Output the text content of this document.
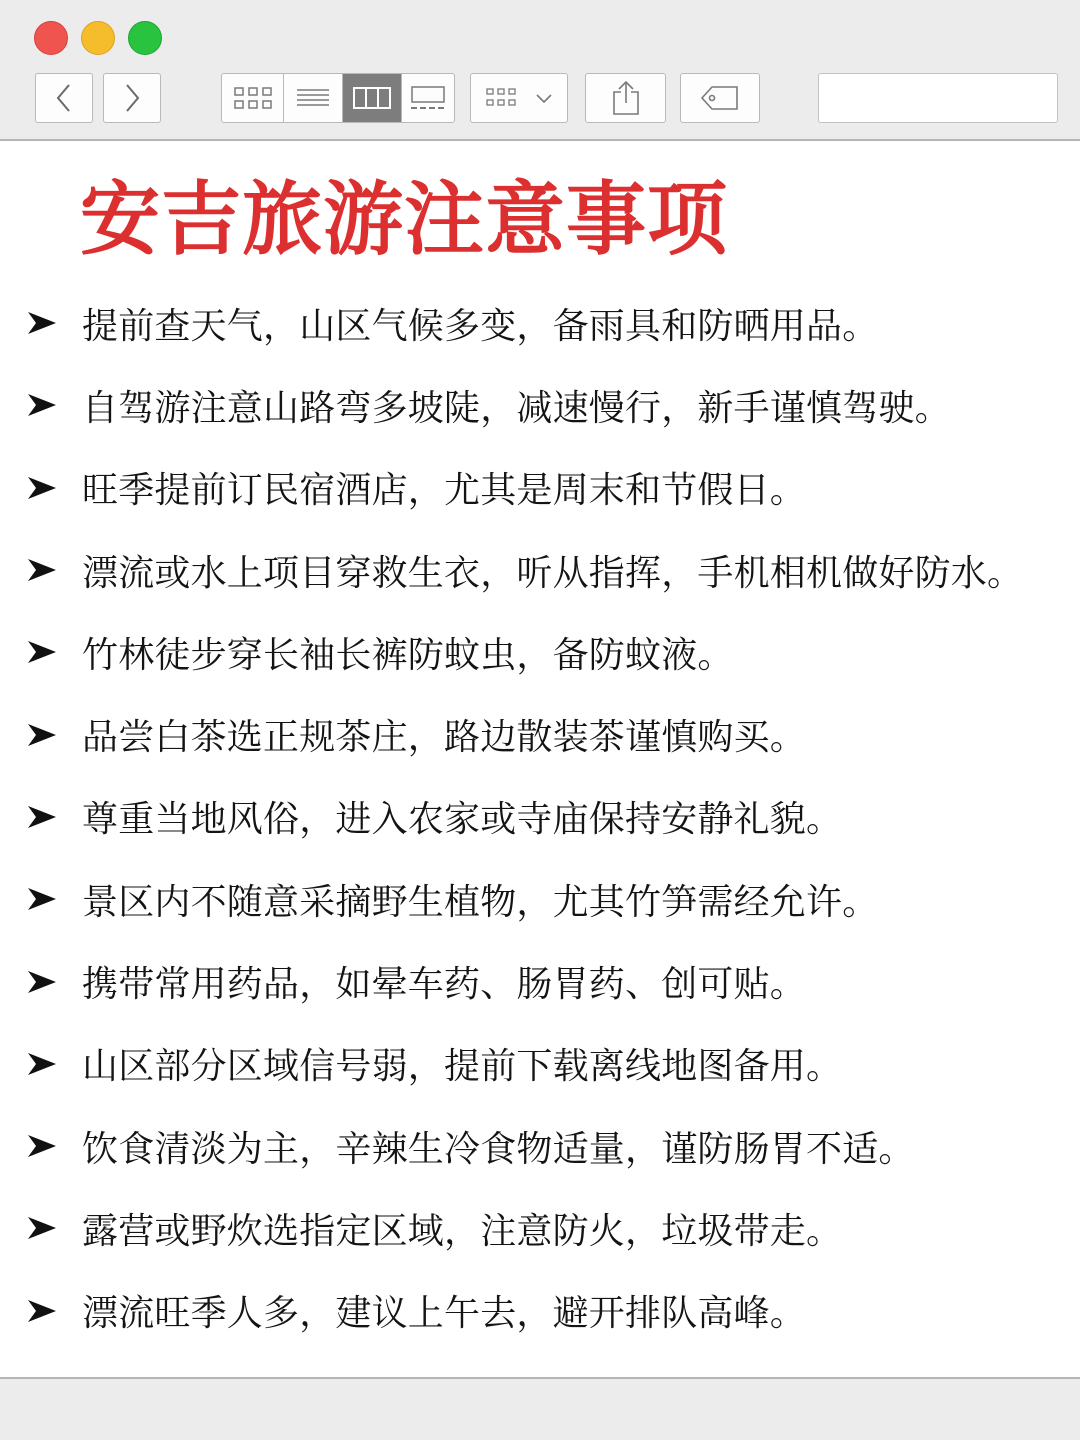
安吉旅游注意事项
提前查天气，山区气候多变，备雨具和防晒用品。
自驾游注意山路弯多坡陡，减速慢行，新手谨慎驾驶。
旺季提前订民宿酒店，尤其是周末和节假日。
漂流或水上项目穿救生衣，听从指挥，手机相机做好防水。
竹林徒步穿长袖长裤防蚊虫，备防蚊液。
品尝白茶选正规茶庄，路边散装茶谨慎购买。
尊重当地风俗，进入农家或寺庙保持安静礼貌。
景区内不随意采摘野生植物，尤其竹笋需经允许。
携带常用药品，如晕车药、肠胃药、创可贴。
山区部分区域信号弱，提前下载离线地图备用。
饮食清淡为主，辛辣生冷食物适量，谨防肠胃不适。
露营或野炊选指定区域，注意防火，垃圾带走。
漂流旺季人多，建议上午去，避开排队高峰。
